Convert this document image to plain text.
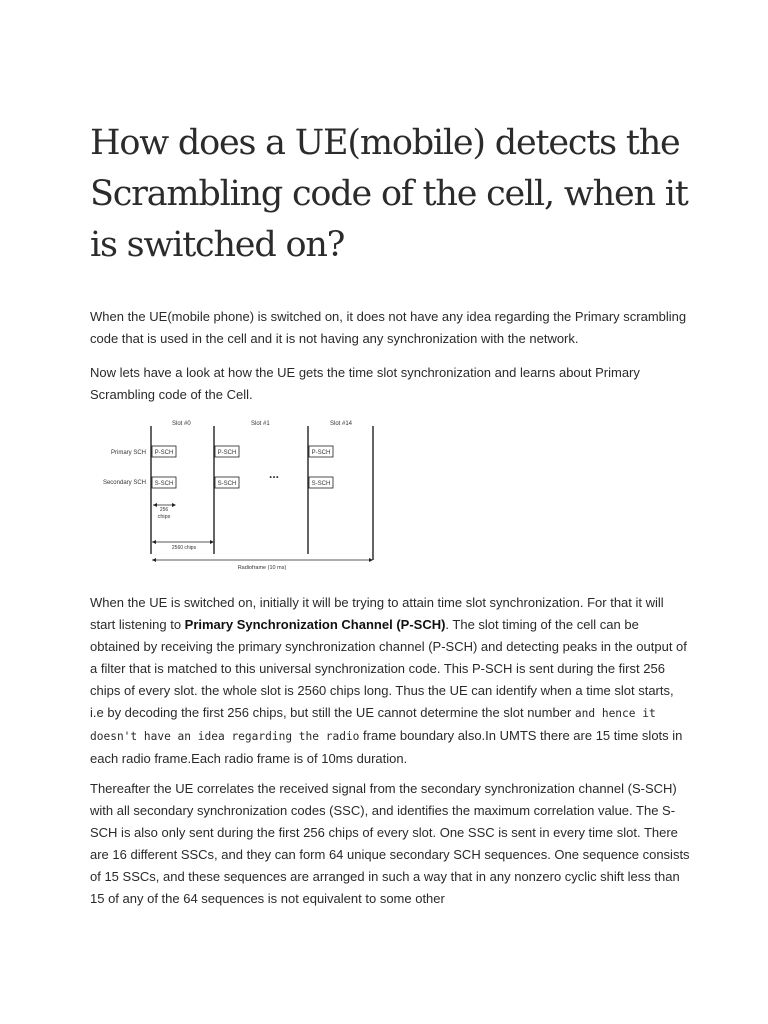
How does a UE(mobile) detects the Scrambling code of the cell, when it is switched on?

When the UE(mobile phone) is switched on, it does not have any idea regarding the Primary scrambling code that is used in the cell and it is not having any synchronization with the network.

Now lets have a look at how the UE gets the time slot synchronization and learns about Primary Scrambling code of the Cell.

Slot #0	Slot #1	Slot #14
Primary SCH
Secondary SCH
P-SCH	P-SCH	P-SCH
S-SCH	S-SCH	S-SCH
...
256
chips
2560 chips
Radioframe (10 ms)

When the UE is switched on, initially it will be trying to attain time slot synchronization. For that it will start listening to Primary Synchronization Channel (P-SCH). The slot timing of the cell can be obtained by receiving the primary synchronization channel (P-SCH) and detecting peaks in the output of a filter that is matched to this universal synchronization code. This P-SCH is sent during the first 256 chips of every slot. the whole slot is 2560 chips long. Thus the UE can identify when a time slot starts, i.e by decoding the first 256 chips, but still the UE cannot determine the slot number and hence it doesn't have an idea regarding the radio frame boundary also.In UMTS there are 15 time slots in each radio frame.Each radio frame is of 10ms duration.

Thereafter the UE correlates the received signal from the secondary synchronization channel (S-SCH) with all secondary synchronization codes (SSC), and identifies the maximum correlation value. The S-SCH is also only sent during the first 256 chips of every slot. One SSC is sent in every time slot. There are 16 different SSCs, and they can form 64 unique secondary SCH sequences. One sequence consists of 15 SSCs, and these sequences are arranged in such a way that in any nonzero cyclic shift less than 15 of any of the 64 sequences is not equivalent to some other
